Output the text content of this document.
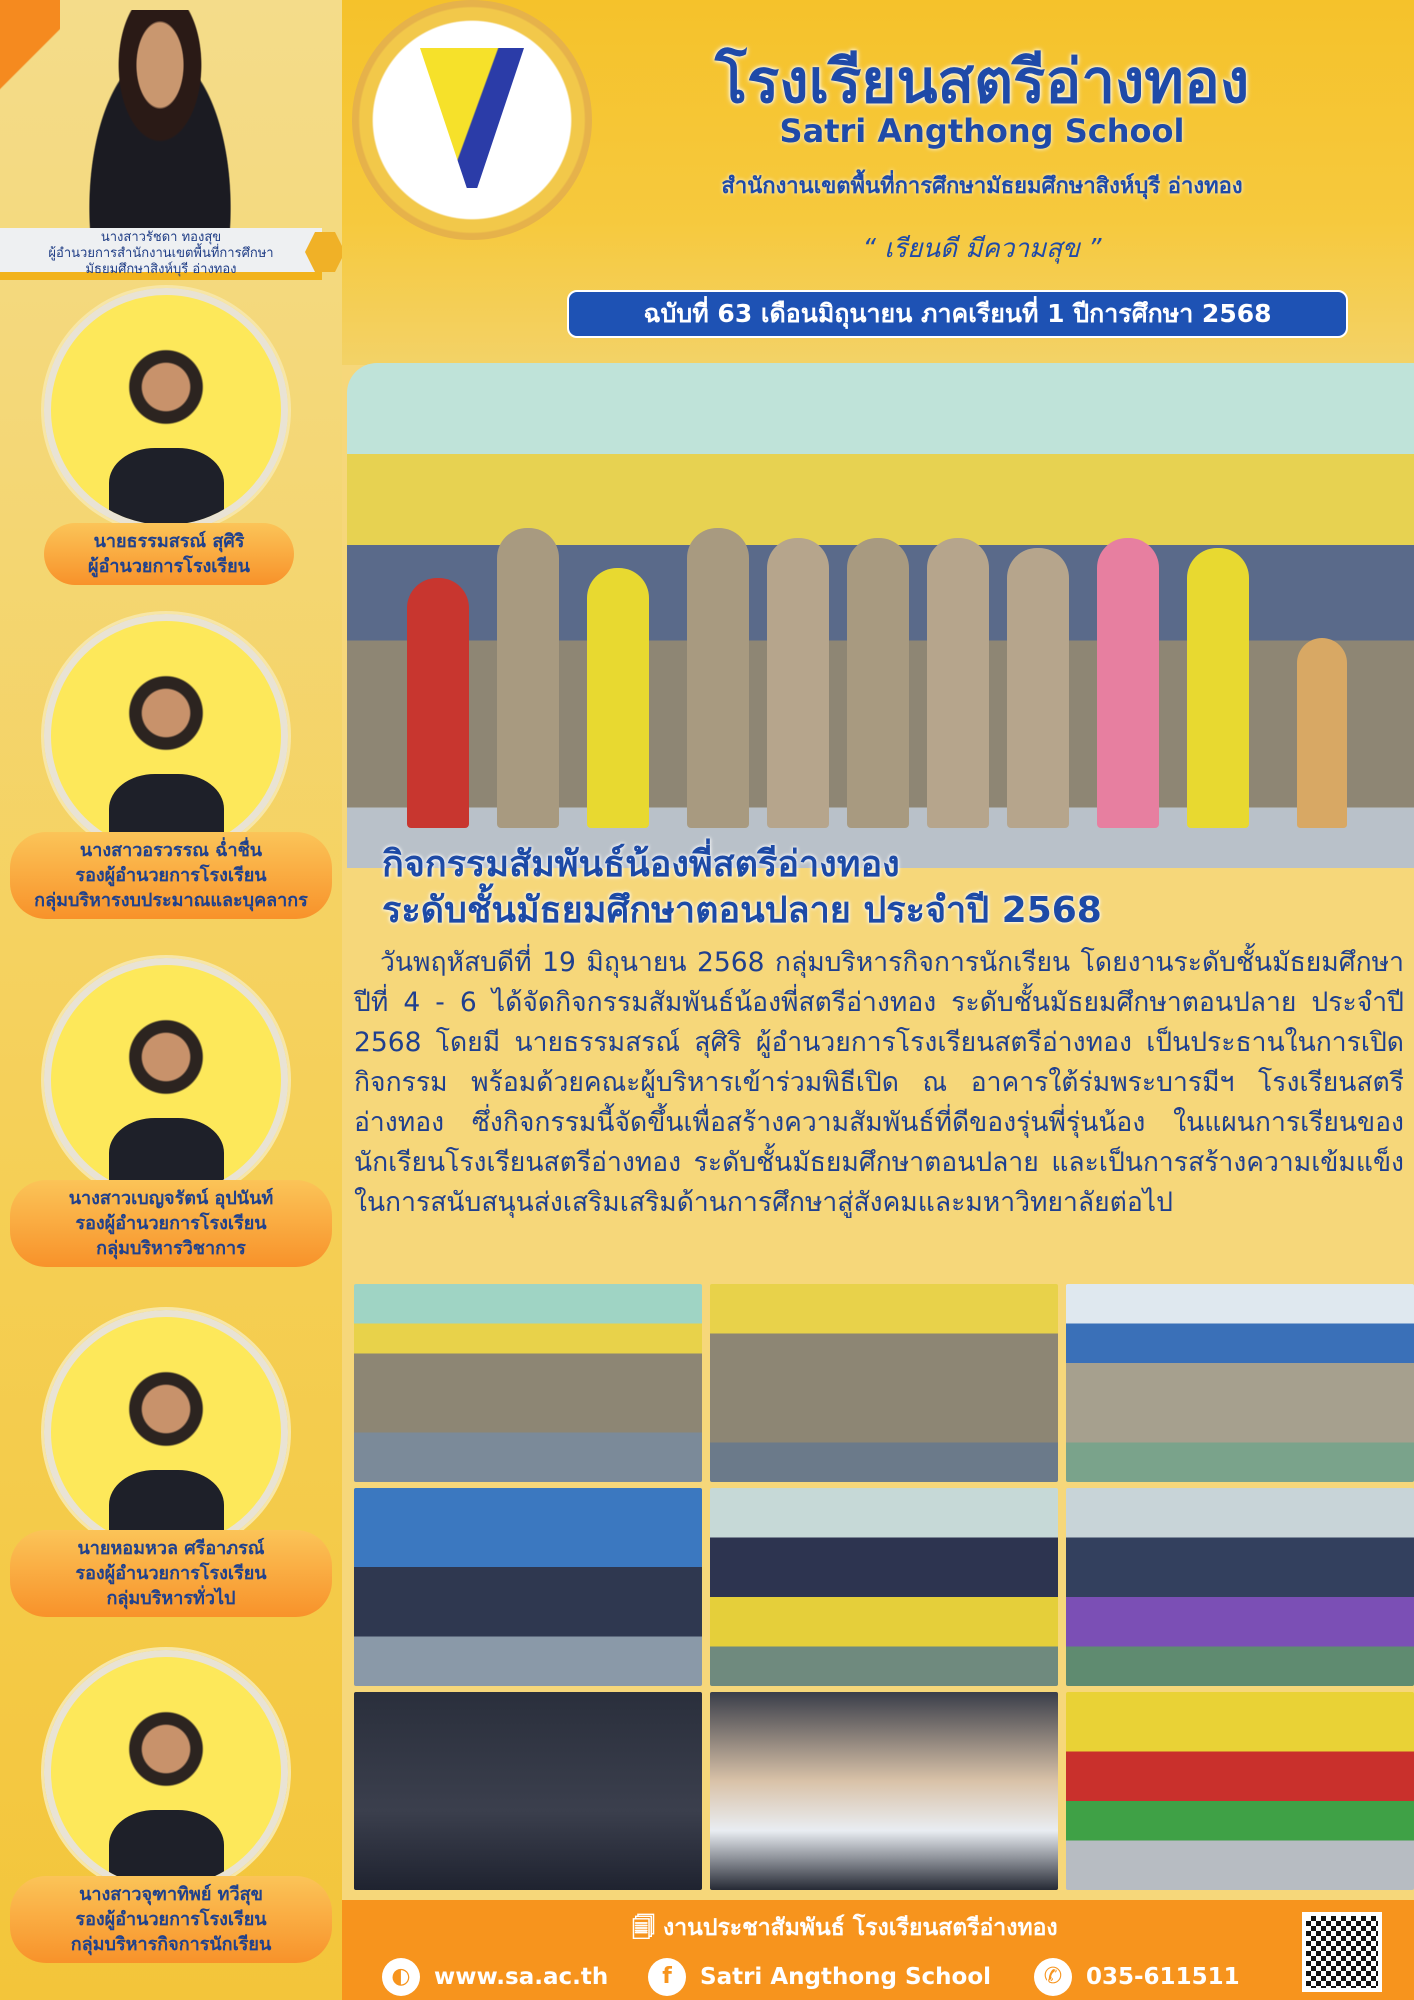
นางสาวรัชดา ทองสุข
ผู้อำนวยการสำนักงานเขตพื้นที่การศึกษา
มัธยมศึกษาสิงห์บุรี อ่างทอง
นายธรรมสรณ์ สุศิริ
ผู้อำนวยการโรงเรียน
นางสาวอรวรรณ ฉ่ำชื่น
รองผู้อำนวยการโรงเรียน
กลุ่มบริหารงบประมาณและบุคลากร
นางสาวเบญจรัตน์ อุปนันท์
รองผู้อำนวยการโรงเรียน
กลุ่มบริหารวิชาการ
นายหอมหวล ศรีอาภรณ์
รองผู้อำนวยการโรงเรียน
กลุ่มบริหารทั่วไป
นางสาวจุฑาทิพย์ ทวีสุข
รองผู้อำนวยการโรงเรียน
กลุ่มบริหารกิจการนักเรียน
โรงเรียนสตรีอ่างทอง
Satri Angthong School
สำนักงานเขตพื้นที่การศึกษามัธยมศึกษาสิงห์บุรี อ่างทอง
“ เรียนดี มีความสุข ”
ฉบับที่ 63 เดือนมิถุนายน ภาคเรียนที่ 1 ปีการศึกษา 2568
กิจกรรมสัมพันธ์น้องพี่สตรีอ่างทอง
ระดับชั้นมัธยมศึกษาตอนปลาย ประจำปี 2568
วันพฤหัสบดีที่ 19 มิถุนายน 2568 กลุ่มบริหารกิจการนักเรียน โดยงานระดับชั้นมัธยมศึกษาปีที่ 4 - 6 ได้จัดกิจกรรมสัมพันธ์น้องพี่สตรีอ่างทอง ระดับชั้นมัธยมศึกษาตอนปลาย ประจำปี 2568 โดยมี นายธรรมสรณ์ สุศิริ ผู้อำนวยการโรงเรียนสตรีอ่างทอง เป็นประธานในการเปิดกิจกรรม พร้อมด้วยคณะผู้บริหารเข้าร่วมพิธีเปิด ณ อาคารใต้ร่มพระบารมีฯ โรงเรียนสตรีอ่างทอง ซึ่งกิจกรรมนี้จัดขึ้นเพื่อสร้างความสัมพันธ์ที่ดีของรุ่นพี่รุ่นน้อง ในแผนการเรียนของนักเรียนโรงเรียนสตรีอ่างทอง ระดับชั้นมัธยมศึกษาตอนปลาย และเป็นการสร้างความเข้มแข็งในการสนับสนุนส่งเสริมเสริมด้านการศึกษาสู่สังคมและมหาวิทยาลัยต่อไป
🗐 งานประชาสัมพันธ์ โรงเรียนสตรีอ่างทอง
◐	www.sa.ac.th	f	Satri Angthong School	✆	035-611511
